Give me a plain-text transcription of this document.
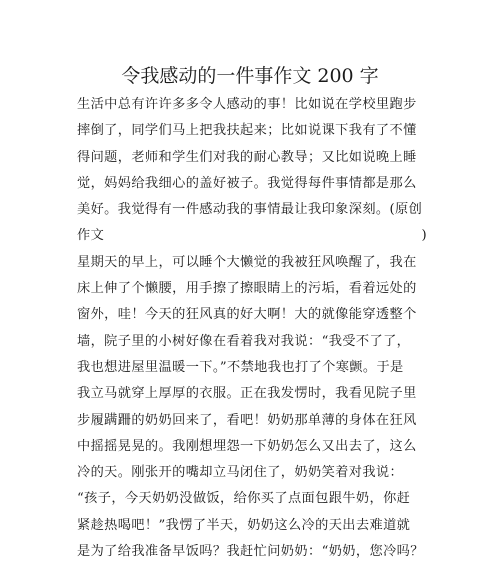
令我感动的一件事作文 200 字
生活中总有许许多多令人感动的事！比如说在学校里跑步
摔倒了，同学们马上把我扶起来；比如说课下我有了不懂
得问题，老师和学生们对我的耐心教导；又比如说晚上睡
觉，妈妈给我细心的盖好被子。我觉得每件事情都是那么
美好。我觉得有一件感动我的事情最让我印象深刻。(原创
作文	)
星期天的早上，可以睡个大懒觉的我被狂风唤醒了，我在
床上伸了个懒腰，用手擦了擦眼睛上的污垢，看着远处的
窗外，哇！今天的狂风真的好大啊！大的就像能穿透整个
墙，院子里的小树好像在看着我对我说：“我受不了了，
我也想进屋里温暖一下。”不禁地我也打了个寒颤。于是
我立马就穿上厚厚的衣服。正在我发愣时，我看见院子里
步履蹒跚的奶奶回来了，看吧！奶奶那单薄的身体在狂风
中摇摇晃晃的。我刚想埋怨一下奶奶怎么又出去了，这么
冷的天。刚张开的嘴却立马闭住了，奶奶笑着对我说：
“孩子，今天奶奶没做饭，给你买了点面包跟牛奶，你赶
紧趁热喝吧！”我愣了半天，奶奶这么冷的天出去难道就
是为了给我准备早饭吗？我赶忙问奶奶：“奶奶，您冷吗？
